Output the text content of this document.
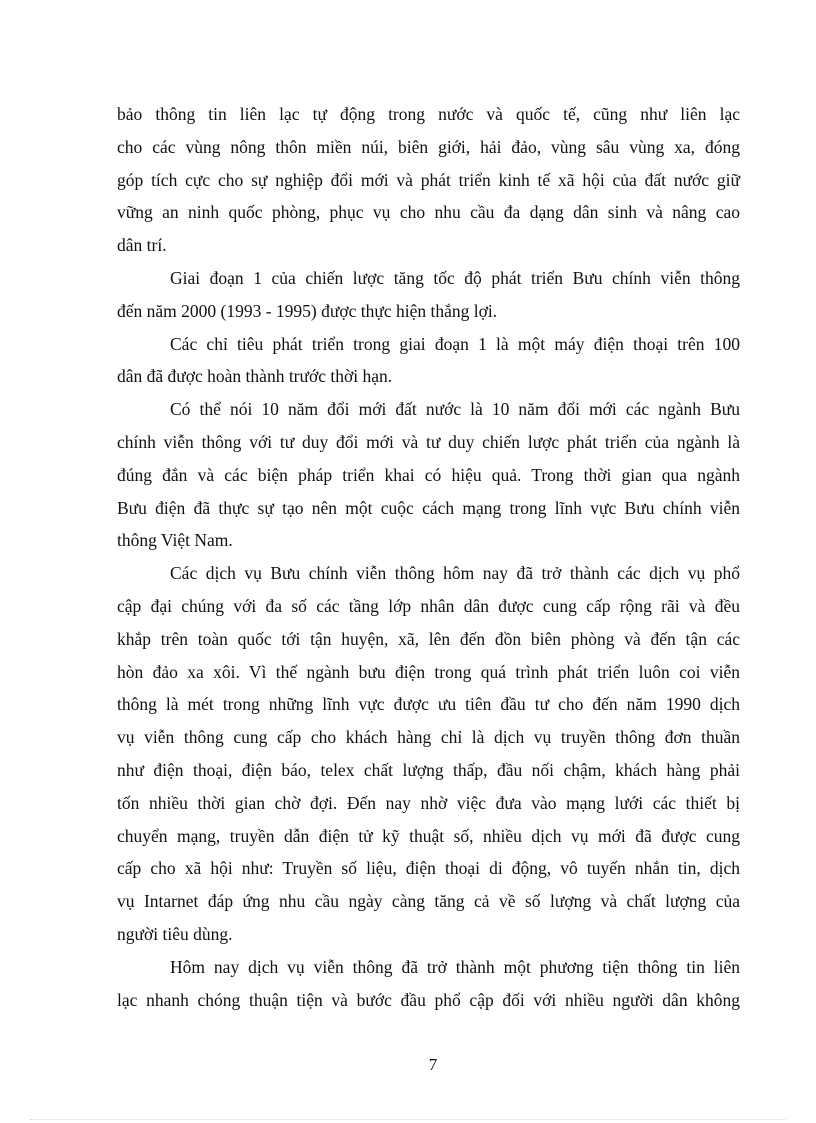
bảo thông tin liên lạc tự động trong nước và quốc tế, cũng như liên lạc
cho các vùng nông thôn miền núi, biên giới, hải đảo, vùng sâu vùng xa, đóng
góp tích cực cho sự nghiệp đổi mới và phát triển kinh tế xã hội của đất nước giữ
vững an ninh quốc phòng, phục vụ cho nhu cầu đa dạng dân sinh và nâng cao
dân trí.
Giai đoạn 1 của chiến lược tăng tốc độ phát triển Bưu chính viễn thông
đến năm 2000 (1993 - 1995) được thực hiện thắng lợi.
Các chỉ tiêu phát triển trong giai đoạn 1 là một máy điện thoại trên 100
dân đã được hoàn thành trước thời hạn.
Có thể nói 10 năm đổi mới đất nước là 10 năm đổi mới các ngành Bưu
chính viễn thông với tư duy đổi mới và tư duy chiến lược phát triển của ngành là
đúng đắn và các biện pháp triển khai có hiệu quả. Trong thời gian qua ngành
Bưu điện đã thực sự tạo nên một cuộc cách mạng trong lĩnh vực Bưu chính viễn
thông Việt Nam.
Các dịch vụ Bưu chính viễn thông hôm nay đã trở thành các dịch vụ phổ
cập đại chúng với đa số các tầng lớp nhân dân được cung cấp rộng rãi và đều
khắp trên toàn quốc tới tận huyện, xã, lên đến đồn biên phòng và đến tận các
hòn đảo xa xôi. Vì thế ngành bưu điện trong quá trình phát triển luôn coi viễn
thông là mét trong những lĩnh vực được ưu tiên đầu tư cho đến năm 1990 dịch
vụ viễn thông cung cấp cho khách hàng chỉ là dịch vụ truyền thông đơn thuần
như điện thoại, điện báo, telex chất lượng thấp, đầu nối chậm, khách hàng phải
tốn nhiều thời gian chờ đợi. Đến nay nhờ việc đưa vào mạng lưới các thiết bị
chuyển mạng, truyền dẫn điện tử kỹ thuật số, nhiều dịch vụ mới đã được cung
cấp cho xã hội như: Truyền số liệu, điện thoại di động, vô tuyến nhắn tin, dịch
vụ Intarnet đáp ứng nhu cầu ngày càng tăng cả về số lượng và chất lượng của
người tiêu dùng.
Hôm nay dịch vụ viễn thông đã trở thành một phương tiện thông tin liên
lạc nhanh chóng thuận tiện và bước đầu phổ cập đối với nhiều người dân không
7
